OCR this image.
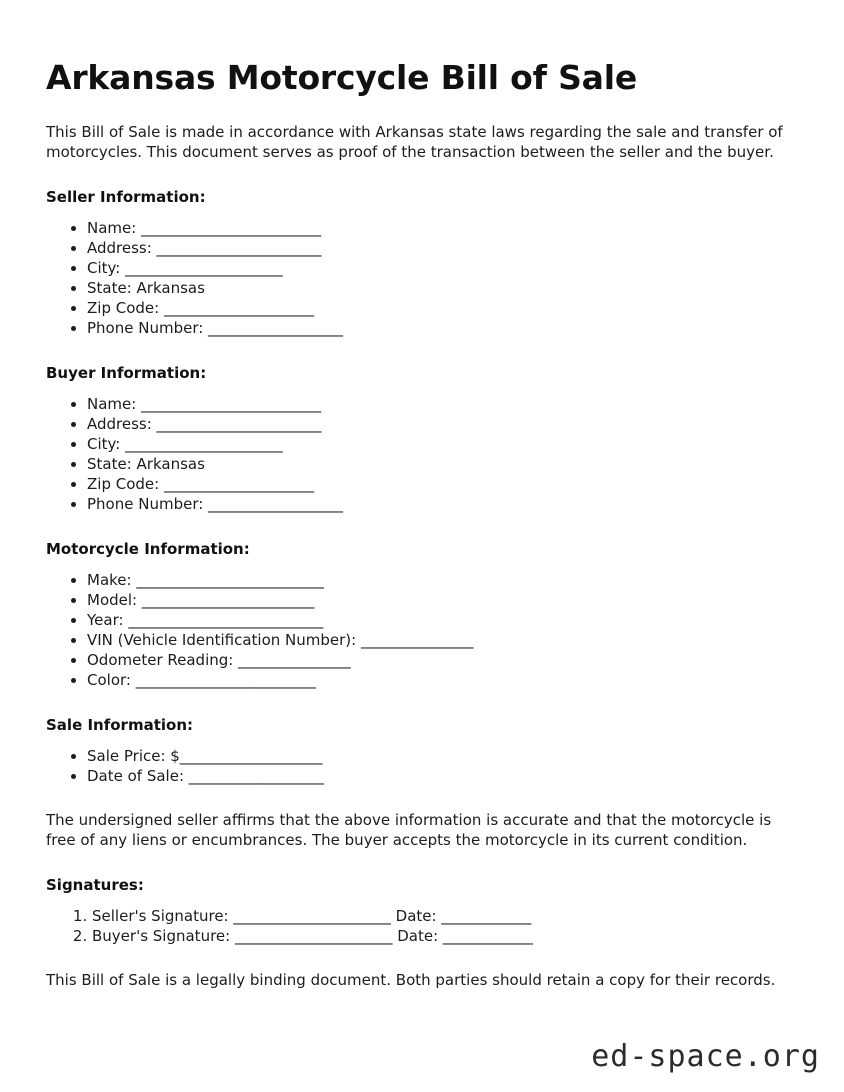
Arkansas Motorcycle Bill of Sale

This Bill of Sale is made in accordance with Arkansas state laws regarding the sale and transfer of motorcycles. This document serves as proof of the transaction between the seller and the buyer.

Seller Information:
• Name: ________________________
• Address: ______________________
• City: _____________________
• State: Arkansas
• Zip Code: ____________________
• Phone Number: __________________
Buyer Information:
• Name: ________________________
• Address: ______________________
• City: _____________________
• State: Arkansas
• Zip Code: ____________________
• Phone Number: __________________
Motorcycle Information:
• Make: _________________________
• Model: _______________________
• Year: __________________________
• VIN (Vehicle Identification Number): _______________
• Odometer Reading: _______________
• Color: ________________________
Sale Information:
• Sale Price: $___________________
• Date of Sale: __________________

The undersigned seller affirms that the above information is accurate and that the motorcycle is free of any liens or encumbrances. The buyer accepts the motorcycle in its current condition.

Signatures:
1. Seller's Signature: _____________________ Date: ____________
2. Buyer's Signature: _____________________ Date: ____________

This Bill of Sale is a legally binding document. Both parties should retain a copy for their records.

ed-space.org
